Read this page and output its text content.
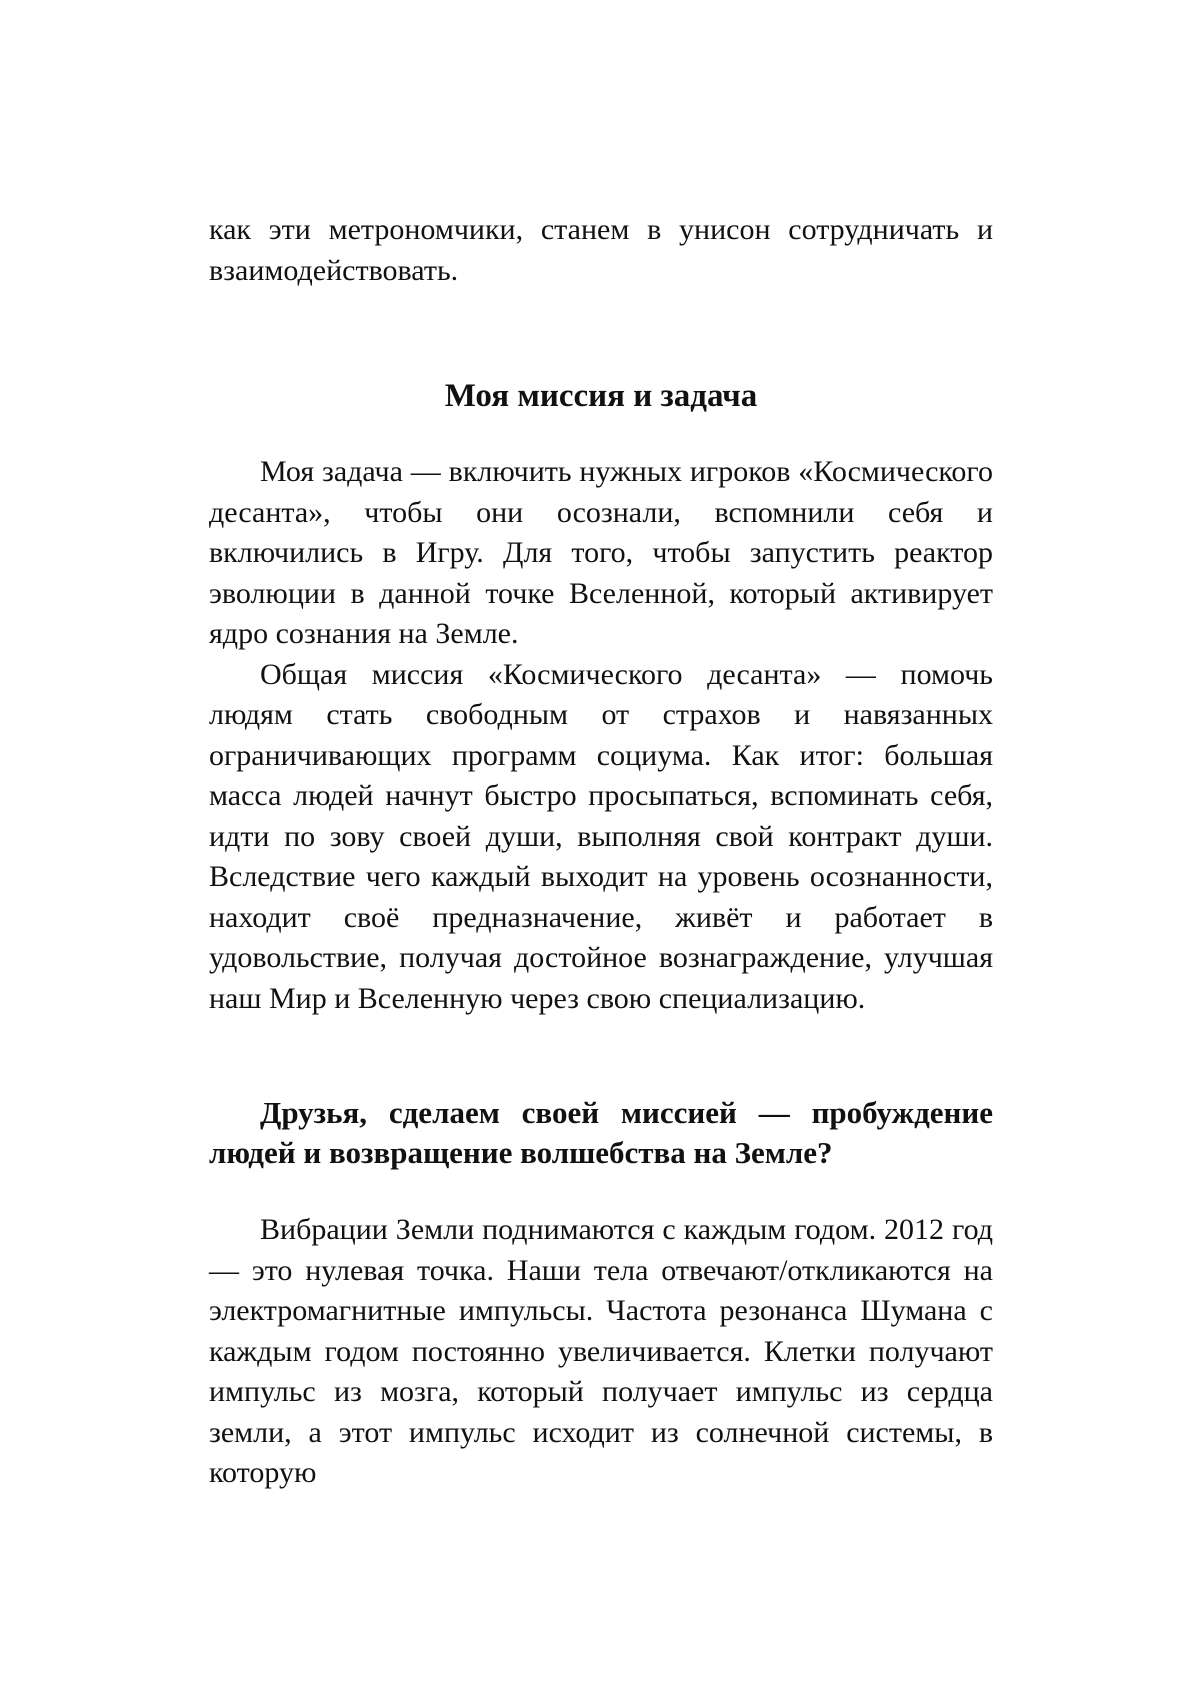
как эти метрономчики, станем в унисон сотрудничать и взаимодействовать.

Моя миссия и задача

Моя задача — включить нужных игроков «Космического десанта», чтобы они осознали, вспомнили себя и включились в Игру. Для того, чтобы запустить реактор эволюции в данной точке Вселенной, который активирует ядро сознания на Земле.

Общая миссия «Космического десанта» — помочь людям стать свободным от страхов и навязанных ограничивающих программ социума. Как итог: большая масса людей начнут быстро просыпаться, вспоминать себя, идти по зову своей души, выполняя свой контракт души. Вследствие чего каждый выходит на уровень осознанности, находит своё предназначение, живёт и работает в удовольствие, получая достойное вознаграждение, улучшая наш Мир и Вселенную через свою специализацию.

Друзья, сделаем своей миссией — пробуждение людей и возвращение волшебства на Земле?

Вибрации Земли поднимаются с каждым годом. 2012 год — это нулевая точка. Наши тела отвечают/откликаются на электромагнитные импульсы. Частота резонанса Шумана с каждым годом постоянно увеличивается. Клетки получают импульс из мозга, который получает импульс из сердца земли, а этот импульс исходит из солнечной системы, в которую
